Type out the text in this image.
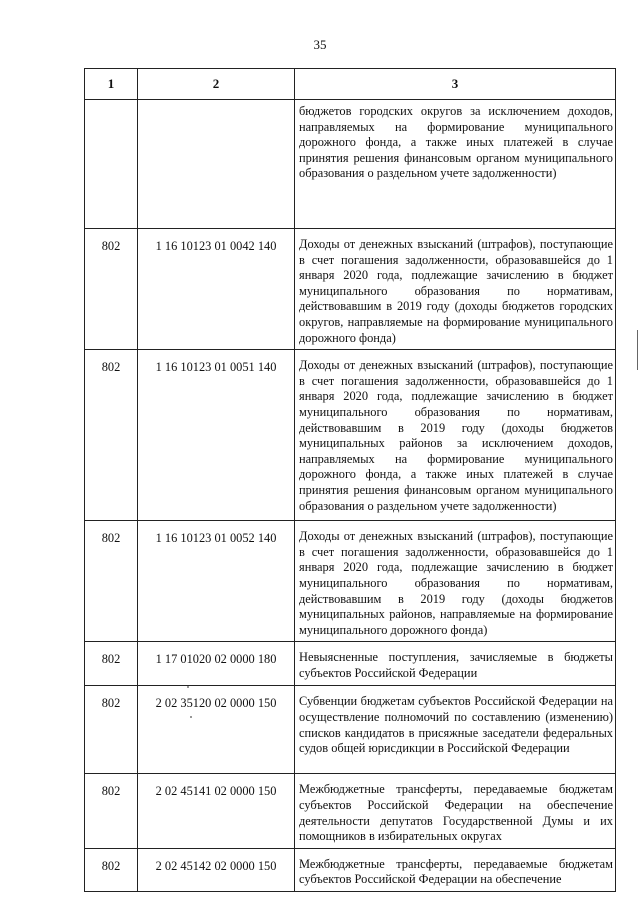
35
1	2	3
		бюджетов городских округов за исключением доходов, направляемых на формирование муниципального дорожного фонда, а также иных платежей в случае принятия решения финансовым органом муниципального образования о раздельном учете задолженности)
802	1 16 10123 01 0042 140	Доходы от денежных взысканий (штрафов), поступающие в счет погашения задолженности, образовавшейся до 1 января 2020 года, подлежащие зачислению в бюджет муниципального образования по нормативам, действовавшим в 2019 году (доходы бюджетов городских округов, направляемые на формирование муниципального дорожного фонда)
802	1 16 10123 01 0051 140	Доходы от денежных взысканий (штрафов), поступающие в счет погашения задолженности, образовавшейся до 1 января 2020 года, подлежащие зачислению в бюджет муниципального образования по нормативам, действовавшим в 2019 году (доходы бюджетов муниципальных районов за исключением доходов, направляемых на формирование муниципального дорожного фонда, а также иных платежей в случае принятия решения финансовым органом муниципального образования о раздельном учете задолженности)
802	1 16 10123 01 0052 140	Доходы от денежных взысканий (штрафов), поступающие в счет погашения задолженности, образовавшейся до 1 января 2020 года, подлежащие зачислению в бюджет муниципального образования по нормативам, действовавшим в 2019 году (доходы бюджетов муниципальных районов, направляемые на формирование муниципального дорожного фонда)
802	1 17 01020 02 0000 180	Невыясненные поступления, зачисляемые в бюджеты субъектов Российской Федерации
802	2 02 35120 02 0000 150	Субвенции бюджетам субъектов Российской Федерации на осуществление полномочий по составлению (изменению) списков кандидатов в присяжные заседатели федеральных судов общей юрисдикции в Российской Федерации
802	2 02 45141 02 0000 150	Межбюджетные трансферты, передаваемые бюджетам субъектов Российской Федерации на обеспечение деятельности депутатов Государственной Думы и их помощников в избирательных округах
802	2 02 45142 02 0000 150	Межбюджетные трансферты, передаваемые бюджетам субъектов Российской Федерации на обеспечение
